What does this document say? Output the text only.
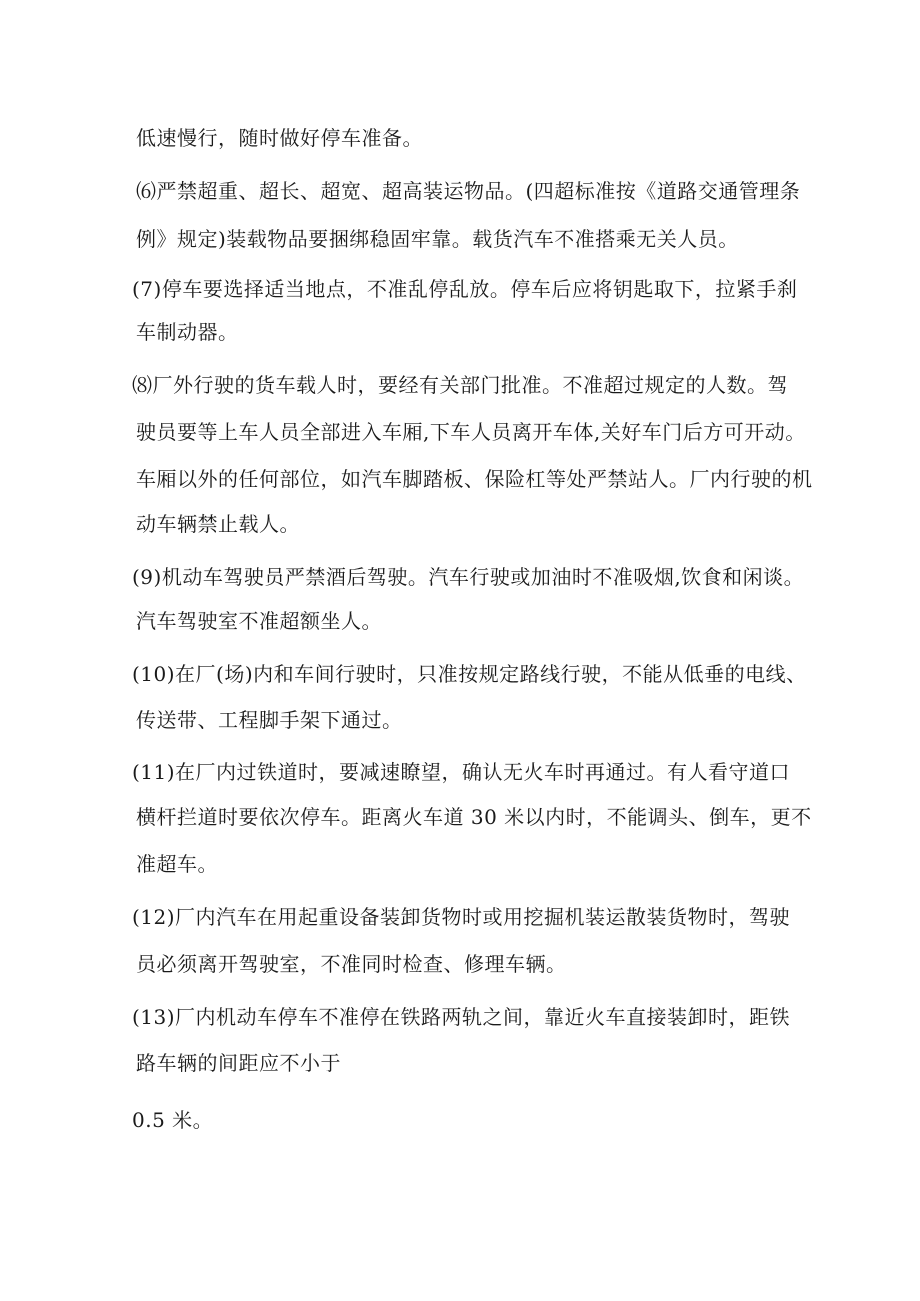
低速慢行，随时做好停车准备。
⑹严禁超重、超长、超宽、超高装运物品。(四超标准按《道路交通管理条
例》规定)装载物品要捆绑稳固牢靠。载货汽车不准搭乘无关人员。
(7)停车要选择适当地点，不准乱停乱放。停车后应将钥匙取下，拉紧手刹
车制动器。
⑻厂外行驶的货车载人时，要经有关部门批准。不准超过规定的人数。驾
驶员要等上车人员全部进入车厢,下车人员离开车体,关好车门后方可开动。
车厢以外的任何部位，如汽车脚踏板、保险杠等处严禁站人。厂内行驶的机
动车辆禁止载人。
(9)机动车驾驶员严禁酒后驾驶。汽车行驶或加油时不准吸烟,饮食和闲谈。
汽车驾驶室不准超额坐人。
(10)在厂(场)内和车间行驶时，只准按规定路线行驶，不能从低垂的电线、
传送带、工程脚手架下通过。
(11)在厂内过铁道时，要减速瞭望，确认无火车时再通过。有人看守道口
横杆拦道时要依次停车。距离火车道 30 米以内时，不能调头、倒车，更不
准超车。
(12)厂内汽车在用起重设备装卸货物时或用挖掘机装运散装货物时，驾驶
员必须离开驾驶室，不准同时检查、修理车辆。
(13)厂内机动车停车不准停在铁路两轨之间，靠近火车直接装卸时，距铁
路车辆的间距应不小于
0.5 米。
